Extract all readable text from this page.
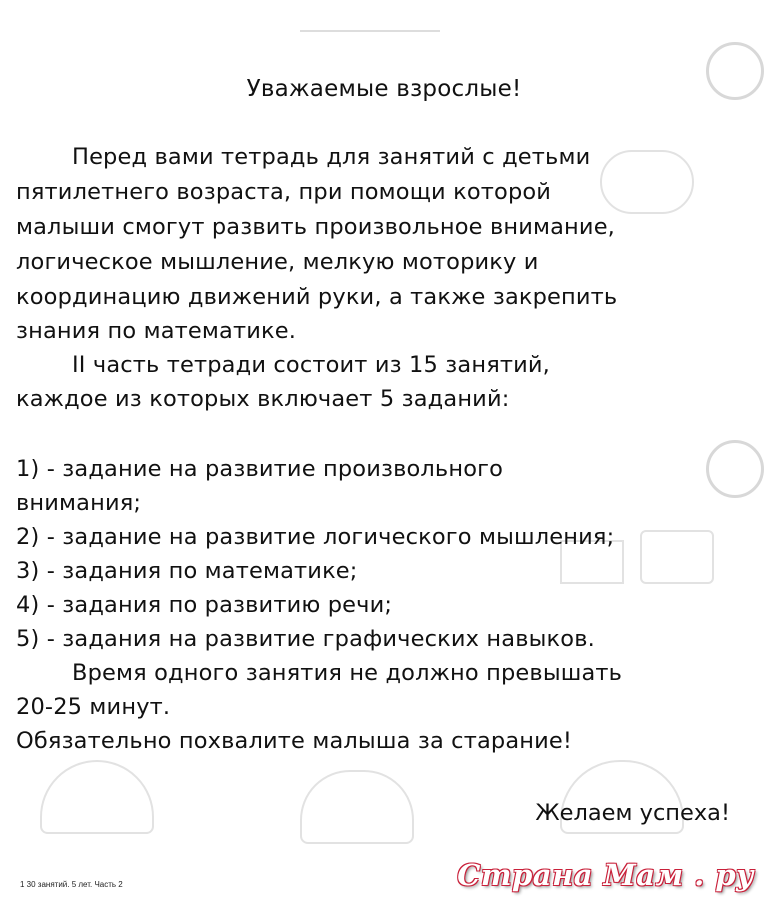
Уважаемые взрослые!
Перед вами тетрадь для занятий с детьми
пятилетнего возраста, при помощи которой
малыши смогут развить произвольное внимание,
логическое мышление, мелкую моторику и
координацию движений руки, а также закрепить
знания по математике.
II часть тетради состоит из 15 занятий,
каждое из которых включает 5 заданий:
1) - задание на развитие произвольного
внимания;
2) - задание на развитие логического мышления;
3) - задания по математике;
4) - задания по развитию речи;
5) - задания на развитие графических навыков.
Время одного занятия не должно превышать
20-25 минут.
Обязательно похвалите малыша за старание!
Желаем успеха!
1 30 занятий. 5 лет. Часть 2	Страна Мам . ру
